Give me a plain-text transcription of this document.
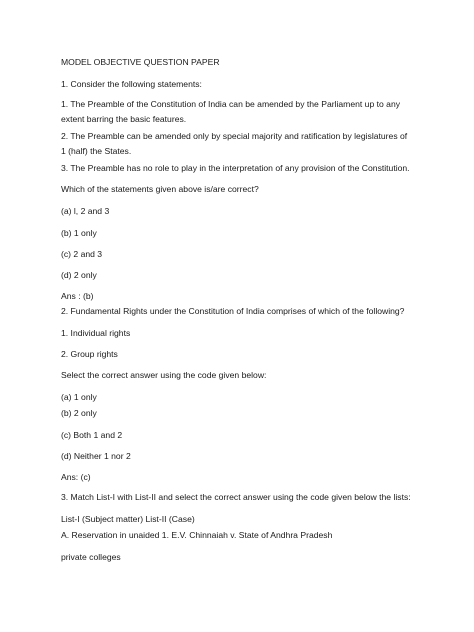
MODEL OBJECTIVE QUESTION PAPER

1. Consider the following statements:

1. The Preamble of the Constitution of India can be amended by the Parliament up to any extent barring the basic features.

2. The Preamble can be amended only by special majority and ratification by legislatures of 1 (half) the States.

3. The Preamble has no role to play in the interpretation of any provision of the Constitution.

Which of the statements given above is/are correct?

(a) l, 2 and 3

(b) 1 only

(c) 2 and 3

(d) 2 only

Ans : (b)

2. Fundamental Rights under the Constitution of India comprises of which of the following?

1. Individual rights

2. Group rights

Select the correct answer using the code given below:

(a) 1 only

(b) 2 only

(c) Both 1 and 2

(d) Neither 1 nor 2

Ans: (c)

3. Match List-I with List-II and select the correct answer using the code given below the lists:

List-I (Subject matter) List-II (Case)

A. Reservation in unaided 1. E.V. Chinnaiah v. State of Andhra Pradesh

private colleges
